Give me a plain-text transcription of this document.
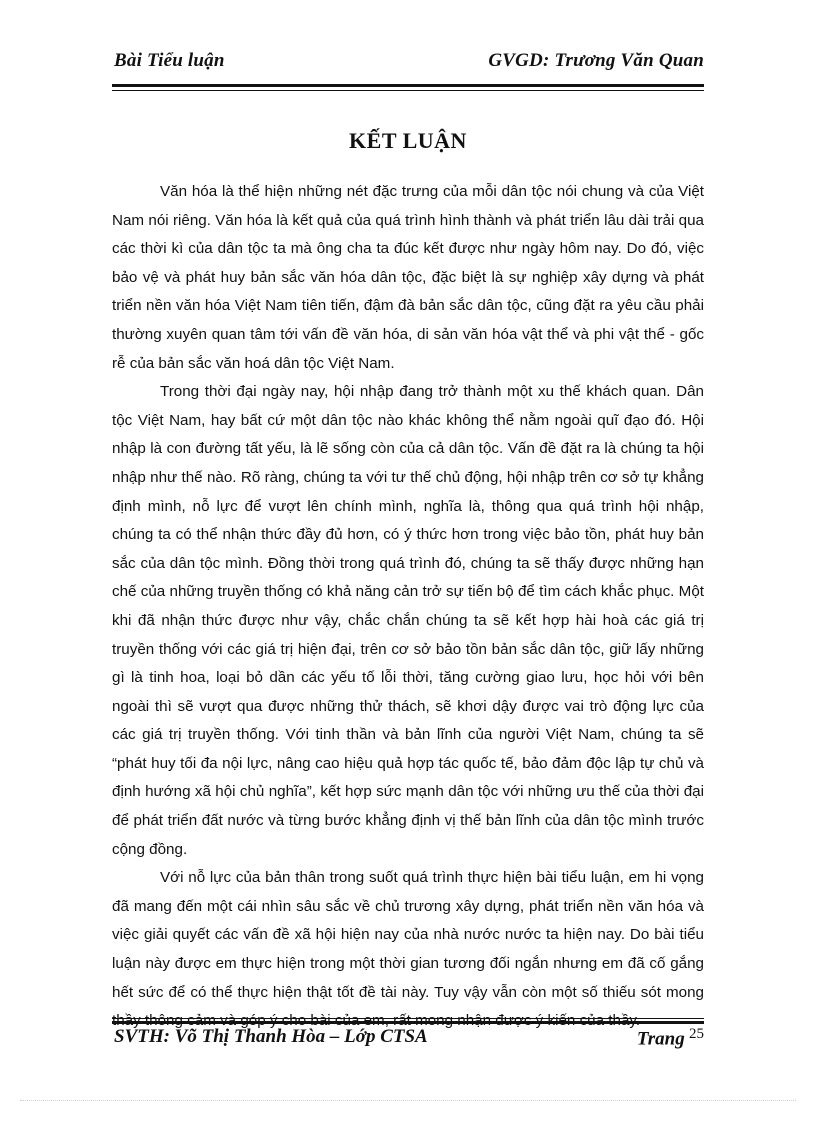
Bài Tiểu luận	GVGD: Trương Văn Quan
KẾT LUẬN

Văn hóa là thể hiện những nét đặc trưng của mỗi dân tộc nói chung và của Việt Nam nói riêng. Văn hóa là kết quả của quá trình hình thành và phát triển lâu dài trải qua các thời kì của dân tộc ta mà ông cha ta đúc kết được như ngày hôm nay. Do đó, việc bảo vệ và phát huy bản sắc văn hóa dân tộc, đặc biệt là sự nghiệp xây dựng và phát triển nền văn hóa Việt Nam tiên tiến, đậm đà bản sắc dân tộc, cũng đặt ra yêu cầu phải thường xuyên quan tâm tới vấn đề văn hóa, di sản văn hóa vật thể và phi vật thể - gốc rễ của bản sắc văn hoá dân tộc Việt Nam.

Trong thời đại ngày nay, hội nhập đang trở thành một xu thế khách quan. Dân tộc Việt Nam, hay bất cứ một dân tộc nào khác không thể nằm ngoài quĩ đạo đó. Hội nhập là con đường tất yếu, là lẽ sống còn của cả dân tộc. Vấn đề đặt ra là chúng ta hội nhập như thế nào. Rõ ràng, chúng ta với tư thế chủ động, hội nhập trên cơ sở tự khẳng định mình, nỗ lực để vượt lên chính mình, nghĩa là, thông qua quá trình hội nhập, chúng ta có thể nhận thức đầy đủ hơn, có ý thức hơn trong việc bảo tồn, phát huy bản sắc của dân tộc mình. Đồng thời trong quá trình đó, chúng ta sẽ thấy được những hạn chế của những truyền thống có khả năng cản trở sự tiến bộ để tìm cách khắc phục. Một khi đã nhận thức được như vậy, chắc chắn chúng ta sẽ kết hợp hài hoà các giá trị truyền thống với các giá trị hiện đại, trên cơ sở bảo tồn bản sắc dân tộc, giữ lấy những gì là tinh hoa, loại bỏ dần các yếu tố lỗi thời, tăng cường giao lưu, học hỏi với bên ngoài thì sẽ vượt qua được những thử thách, sẽ khơi dậy được vai trò động lực của các giá trị truyền thống. Với tinh thần và bản lĩnh của người Việt Nam, chúng ta sẽ “phát huy tối đa nội lực, nâng cao hiệu quả hợp tác quốc tế, bảo đảm độc lập tự chủ và định hướng xã hội chủ nghĩa”, kết hợp sức mạnh dân tộc với những ưu thế của thời đại để phát triển đất nước và từng bước khẳng định vị thế bản lĩnh của dân tộc mình trước cộng đồng.

Với nỗ lực của bản thân trong suốt quá trình thực hiện bài tiểu luận, em hi vọng đã mang đến một cái nhìn sâu sắc về chủ trương xây dựng, phát triển nền văn hóa và việc giải quyết các vấn đề xã hội hiện nay của nhà nước nước ta hiện nay. Do bài tiểu luận này được em thực hiện trong một thời gian tương đối ngắn nhưng em đã cố gắng hết sức để có thể thực hiện thật tốt đề tài này. Tuy vậy vẫn còn một số thiếu sót mong

SVTH: Võ Thị Thanh Hòa – Lớp CTSA	Trang 25
